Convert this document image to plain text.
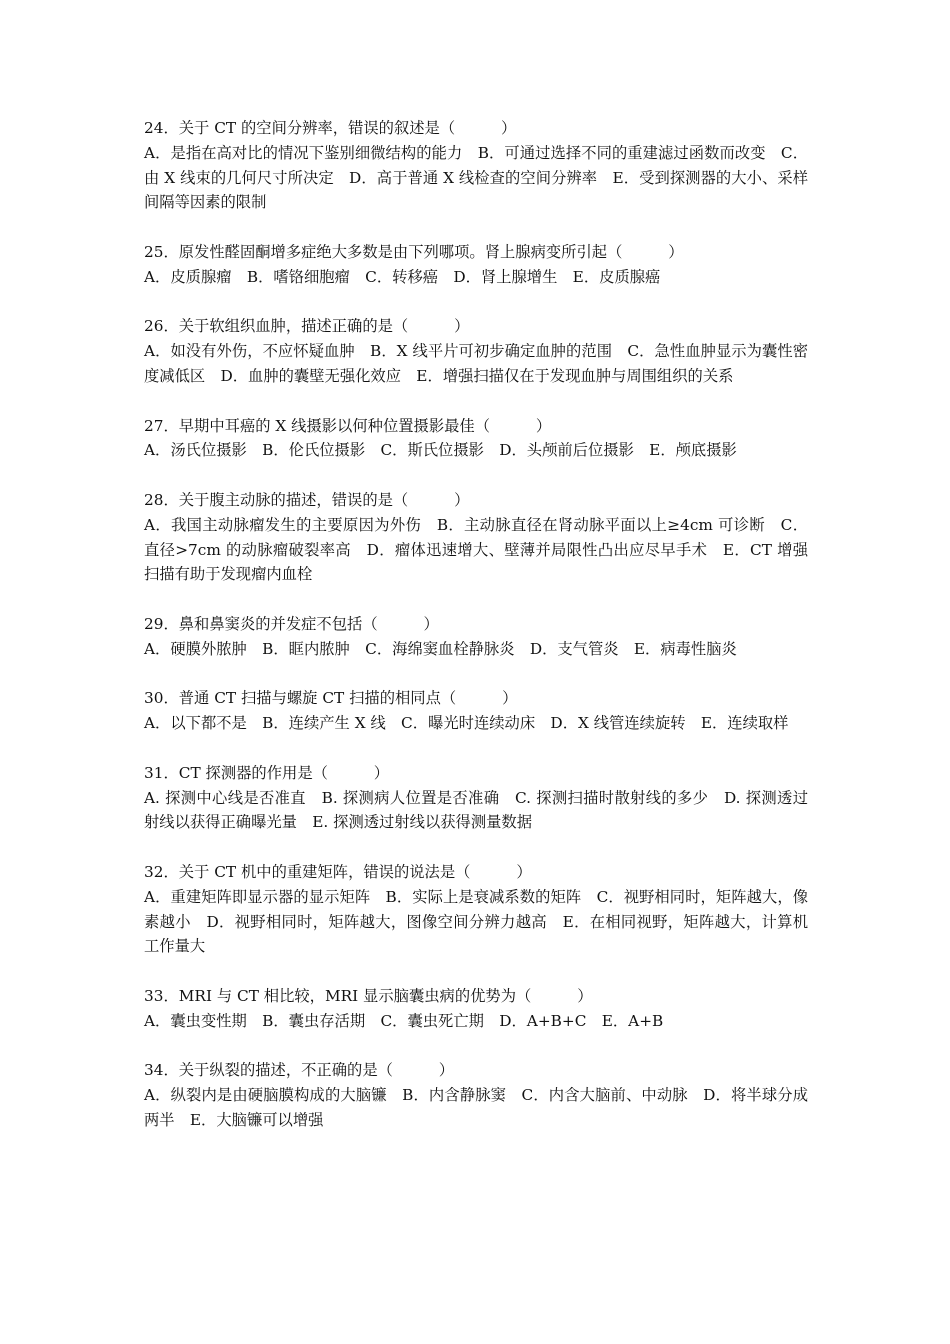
24．关于 CT 的空间分辨率，错误的叙述是（　　　）

A．是指在高对比的情况下鉴别细微结构的能力　B．可通过选择不同的重建滤过函数而改变　C．由 X 线束的几何尺寸所决定　D．高于普通 X 线检查的空间分辨率　E．受到探测器的大小、采样间隔等因素的限制

25．原发性醛固酮增多症绝大多数是由下列哪项。肾上腺病变所引起（　　　）

A．皮质腺瘤　B．嗜铬细胞瘤　C．转移癌　D．肾上腺增生　E．皮质腺癌

26．关于软组织血肿，描述正确的是（　　　）

A．如没有外伤，不应怀疑血肿　B．X 线平片可初步确定血肿的范围　C．急性血肿显示为囊性密度减低区　D．血肿的囊壁无强化效应　E．增强扫描仅在于发现血肿与周围组织的关系

27．早期中耳癌的 X 线摄影以何种位置摄影最佳（　　　）

A．汤氏位摄影　B．伦氏位摄影　C．斯氏位摄影　D．头颅前后位摄影　E．颅底摄影

28．关于腹主动脉的描述，错误的是（　　　）

A．我国主动脉瘤发生的主要原因为外伤　B．主动脉直径在肾动脉平面以上≥4cm 可诊断　C．直径>7cm 的动脉瘤破裂率高　D．瘤体迅速增大、壁薄并局限性凸出应尽早手术　E．CT 增强扫描有助于发现瘤内血栓

29．鼻和鼻窦炎的并发症不包括（　　　）

A．硬膜外脓肿　B．眶内脓肿　C．海绵窦血栓静脉炎　D．支气管炎　E．病毒性脑炎

30．普通 CT 扫描与螺旋 CT 扫描的相同点（　　　）

A．以下都不是　B．连续产生 X 线　C．曝光时连续动床　D．X 线管连续旋转　E．连续取样

31．CT 探测器的作用是（　　　）

A. 探测中心线是否准直　B. 探测病人位置是否准确　C. 探测扫描时散射线的多少　D. 探测透过射线以获得正确曝光量　E. 探测透过射线以获得测量数据

32．关于 CT 机中的重建矩阵，错误的说法是（　　　）

A．重建矩阵即显示器的显示矩阵　B．实际上是衰减系数的矩阵　C．视野相同时，矩阵越大，像素越小　D．视野相同时，矩阵越大，图像空间分辨力越高　E．在相同视野，矩阵越大，计算机工作量大

33．MRI 与 CT 相比较，MRI 显示脑囊虫病的优势为（　　　）

A．囊虫变性期　B．囊虫存活期　C．囊虫死亡期　D．A+B+C　E．A+B

34．关于纵裂的描述，不正确的是（　　　）

A．纵裂内是由硬脑膜构成的大脑镰　B．内含静脉窦　C．内含大脑前、中动脉　D．将半球分成两半　E．大脑镰可以增强
